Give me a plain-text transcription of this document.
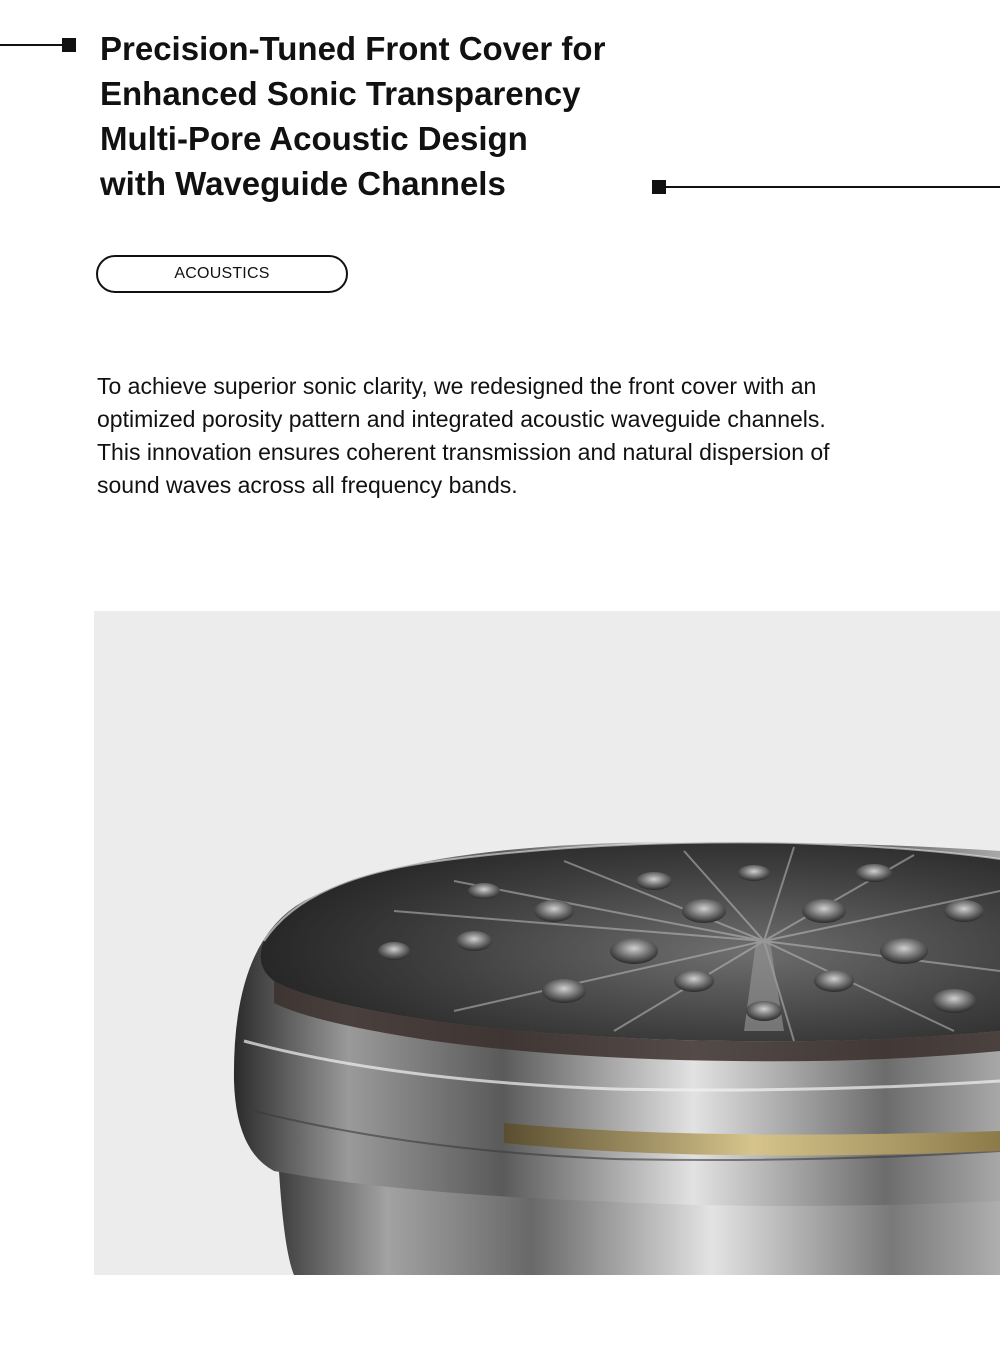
Precision-Tuned Front Cover for
Enhanced Sonic Transparency
Multi-Pore Acoustic Design
with Waveguide Channels
ACOUSTICS

To achieve superior sonic clarity, we redesigned the front cover with an
optimized porosity pattern and integrated acoustic waveguide channels.
This innovation ensures coherent transmission and natural dispersion of
sound waves across all frequency bands.
